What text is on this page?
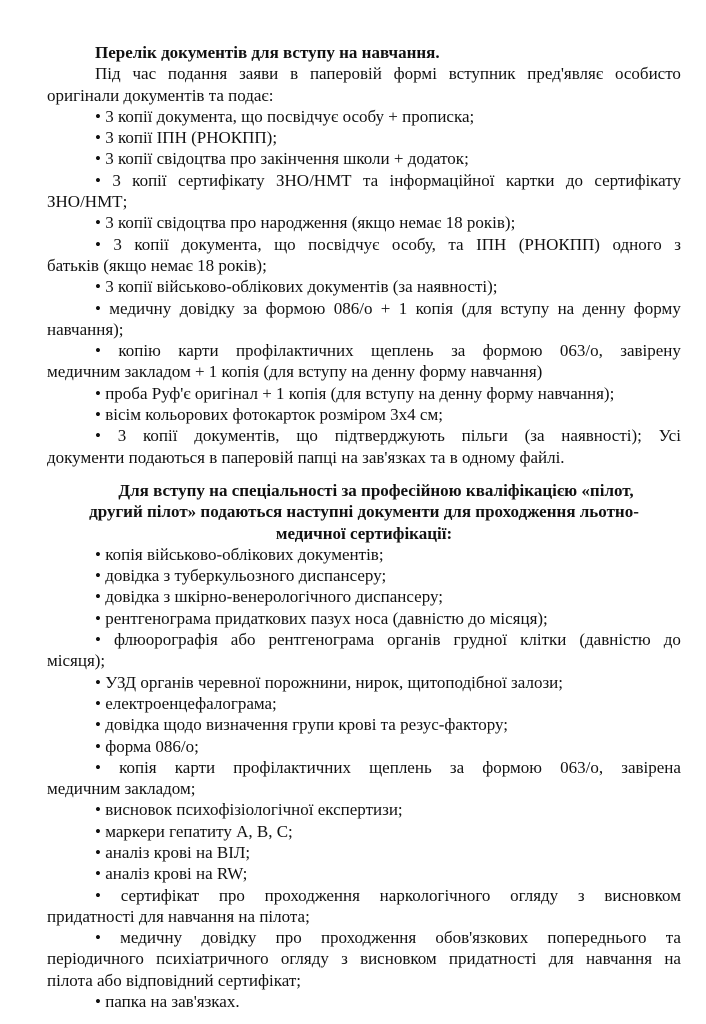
Перелік документів для вступу на навчання.
Під час подання заяви в паперовій формі вступник пред'являє особисто
оригінали документів та подає:
• 3 копії документа, що посвідчує особу + прописка;
• 3 копії ІПН (РНОКПП);
• 3 копії свідоцтва про закінчення школи + додаток;
• 3 копії сертифікату ЗНО/НМТ та інформаційної картки до сертифікату
ЗНО/НМТ;
• 3 копії свідоцтва про народження (якщо немає 18 років);
• 3 копії документа, що посвідчує особу, та ІПН (РНОКПП) одного з
батьків (якщо немає 18 років);
• 3 копії військово-облікових документів (за наявності);
• медичну довідку за формою 086/о + 1 копія (для вступу на денну форму
навчання);
• копію карти профілактичних щеплень за формою 063/о, завірену
медичним закладом + 1 копія (для вступу на денну форму навчання)
• проба Руф'є оригінал + 1 копія (для вступу на денну форму навчання);
• вісім кольорових фотокарток розміром 3х4 см;
• 3 копії документів, що підтверджують пільги (за наявності); Усі
документи подаються в паперовій папці на зав'язках та в одному файлі.
Для вступу на спеціальності за професійною кваліфікацією «пілот,
другий пілот» подаються наступні документи для проходження льотно-
медичної сертифікації:
• копія військово-облікових документів;
• довідка з туберкульозного диспансеру;
• довідка з шкірно-венерологічного диспансеру;
• рентгенограма придаткових пазух носа (давністю до місяця);
• флюорографія або рентгенограма органів грудної клітки (давністю до
місяця);
• УЗД органів черевної порожнини, нирок, щитоподібної залози;
• електроенцефалограма;
• довідка щодо визначення групи крові та резус-фактору;
• форма 086/о;
• копія карти профілактичних щеплень за формою 063/о, завірена
медичним закладом;
• висновок психофізіологічної експертизи;
• маркери гепатиту А, В, С;
• аналіз крові на ВІЛ;
• аналіз крові на RW;
• сертифікат про проходження наркологічного огляду з висновком
придатності для навчання на пілота;
• медичну довідку про проходження обов'язкових попереднього та
періодичного психіатричного огляду з висновком придатності для навчання на
пілота або відповідний сертифікат;
• папка на зав'язках.
